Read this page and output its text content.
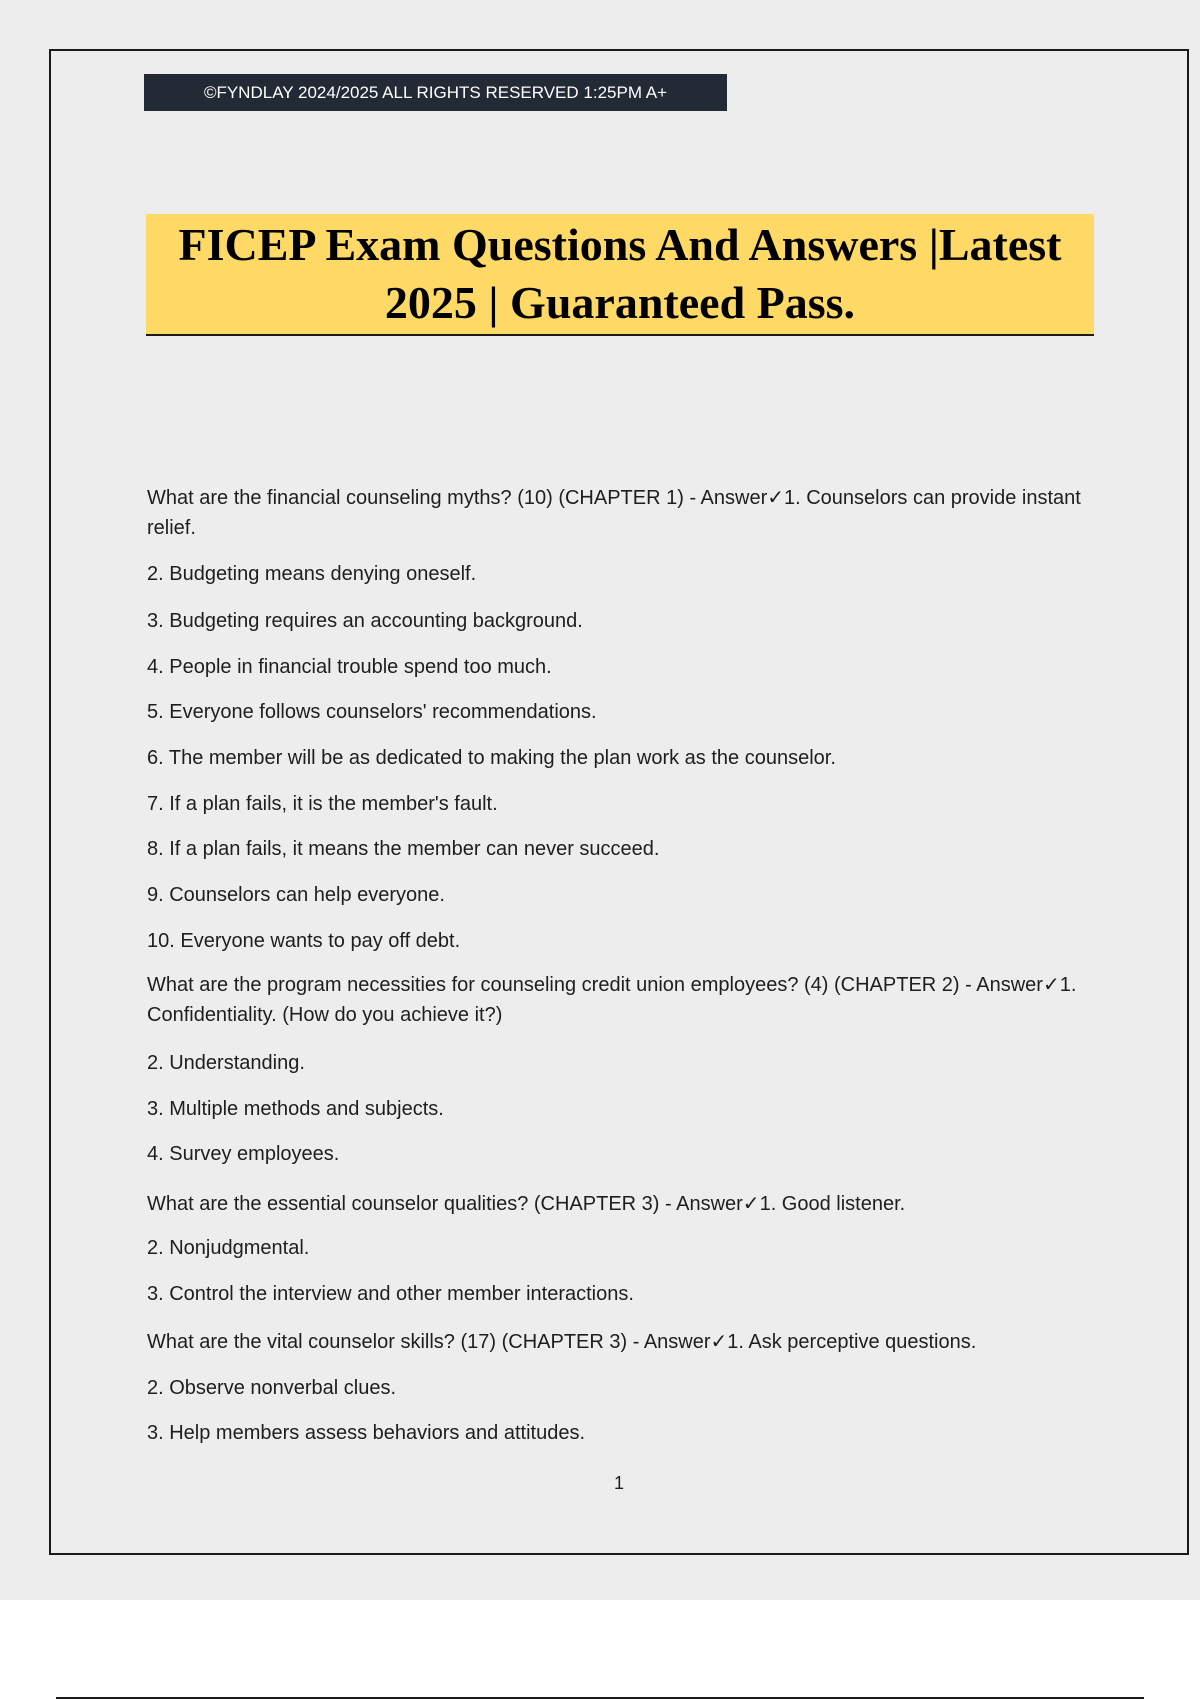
©FYNDLAY 2024/2025 ALL RIGHTS RESERVED 1:25PM A+

FICEP Exam Questions And Answers |Latest
2025 | Guaranteed Pass.

What are the financial counseling myths? (10) (CHAPTER 1) - Answer✓1. Counselors can provide instant relief.

2. Budgeting means denying oneself.

3. Budgeting requires an accounting background.

4. People in financial trouble spend too much.

5. Everyone follows counselors' recommendations.

6. The member will be as dedicated to making the plan work as the counselor.

7. If a plan fails, it is the member's fault.

8. If a plan fails, it means the member can never succeed.

9. Counselors can help everyone.

10. Everyone wants to pay off debt.

What are the program necessities for counseling credit union employees? (4) (CHAPTER 2) - Answer✓1. Confidentiality. (How do you achieve it?)

2. Understanding.

3. Multiple methods and subjects.

4. Survey employees.

What are the essential counselor qualities? (CHAPTER 3) - Answer✓1. Good listener.

2. Nonjudgmental.

3. Control the interview and other member interactions.

What are the vital counselor skills? (17) (CHAPTER 3) - Answer✓1. Ask perceptive questions.

2. Observe nonverbal clues.

3. Help members assess behaviors and attitudes.

1
